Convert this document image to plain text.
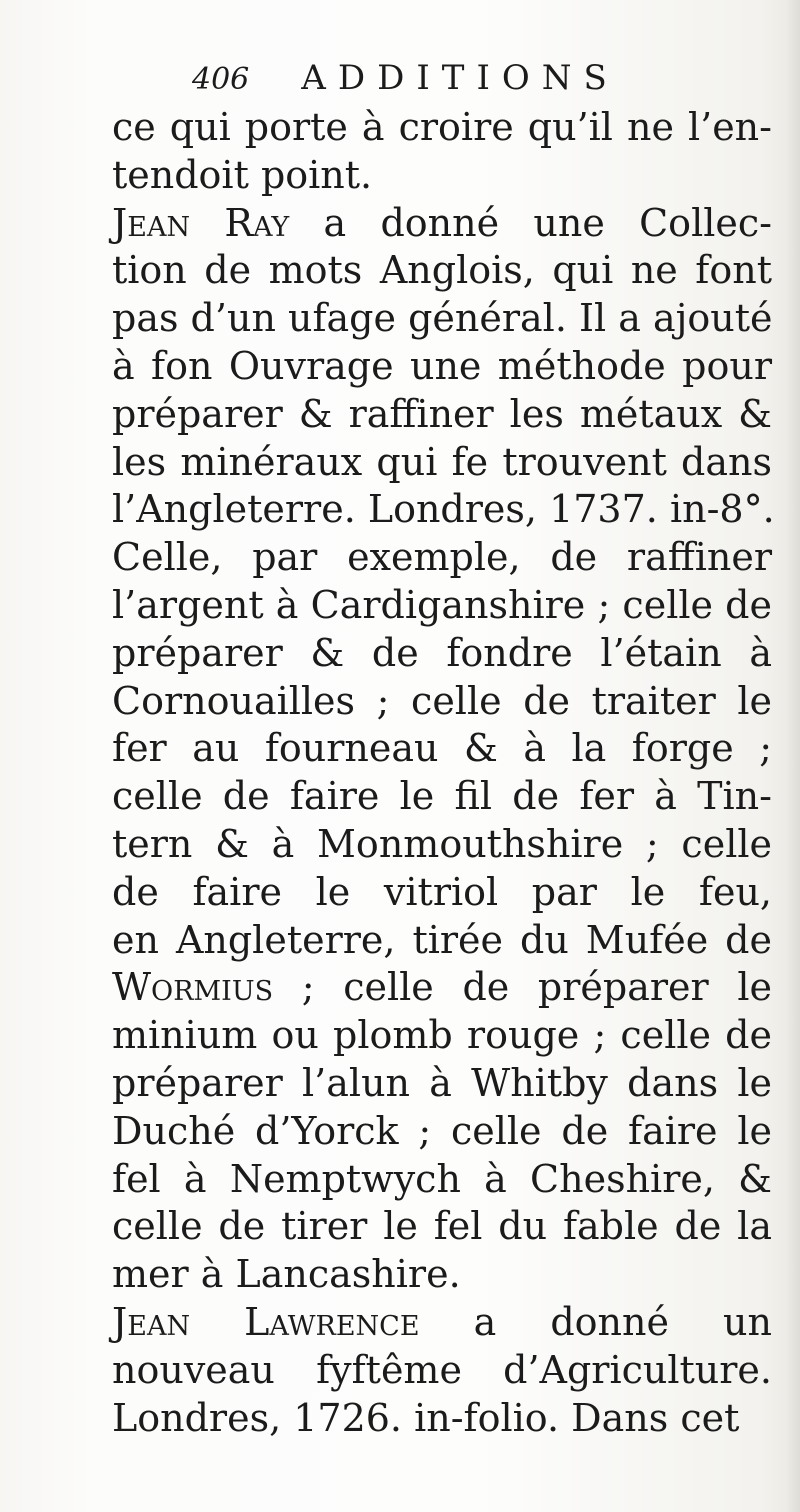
406 ADDITIONS
ce qui porte à croire qu’il ne l’en-
tendoit point.
Jean Ray a donné une Collec-
tion de mots Anglois, qui ne font
pas d’un ufage général. Il a ajouté
à fon Ouvrage une méthode pour
préparer & raffiner les métaux &
les minéraux qui fe trouvent dans
l’Angleterre. Londres, 1737. in-8°.
Celle, par exemple, de raffiner
l’argent à Cardiganshire ; celle de
préparer & de fondre l’étain à
Cornouailles ; celle de traiter le
fer au fourneau & à la forge ;
celle de faire le fil de fer à Tin-
tern & à Monmouthshire ; celle
de faire le vitriol par le feu,
en Angleterre, tirée du Mufée de
Wormius ; celle de préparer le
minium ou plomb rouge ; celle de
préparer l’alun à Whitby dans le
Duché d’Yorck ; celle de faire le
fel à Nemptwych à Cheshire, &
celle de tirer le fel du fable de la
mer à Lancashire.
Jean Lawrence a donné un
nouveau fyftême d’Agriculture.
Londres, 1726. in-folio. Dans cet
